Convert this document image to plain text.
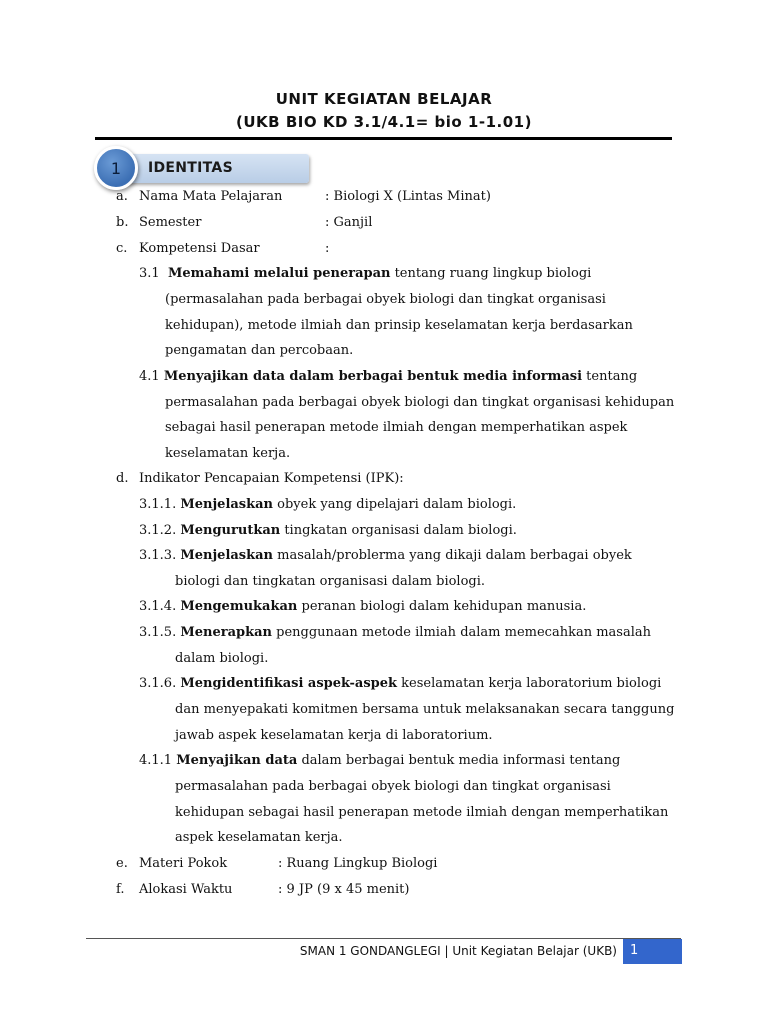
UNIT KEGIATAN BELAJAR
(UKB BIO KD 3.1/4.1= bio 1-1.01)
IDENTITAS
1
a. Nama Mata Pelajaran	: Biologi X (Lintas Minat)
b. Semester	: Ganjil
c. Kompetensi Dasar	:
3.1 Memahami melalui penerapan tentang ruang lingkup biologi
(permasalahan pada berbagai obyek biologi dan tingkat organisasi
kehidupan), metode ilmiah dan prinsip keselamatan kerja berdasarkan
pengamatan dan percobaan.
4.1 Menyajikan data dalam berbagai bentuk media informasi tentang
permasalahan pada berbagai obyek biologi dan tingkat organisasi kehidupan
sebagai hasil penerapan metode ilmiah dengan memperhatikan aspek
keselamatan kerja.
d. Indikator Pencapaian Kompetensi (IPK):
3.1.1. Menjelaskan obyek yang dipelajari dalam biologi.
3.1.2. Mengurutkan tingkatan organisasi dalam biologi.
3.1.3. Menjelaskan masalah/problerma yang dikaji dalam berbagai obyek
biologi dan tingkatan organisasi dalam biologi.
3.1.4. Mengemukakan peranan biologi dalam kehidupan manusia.
3.1.5. Menerapkan penggunaan metode ilmiah dalam memecahkan masalah
dalam biologi.
3.1.6. Mengidentifikasi aspek-aspek keselamatan kerja laboratorium biologi
dan menyepakati komitmen bersama untuk melaksanakan secara tanggung
jawab aspek keselamatan kerja di laboratorium.
4.1.1 Menyajikan data dalam berbagai bentuk media informasi tentang
permasalahan pada berbagai obyek biologi dan tingkat organisasi
kehidupan sebagai hasil penerapan metode ilmiah dengan memperhatikan
aspek keselamatan kerja.
e. Materi Pokok	: Ruang Lingkup Biologi
f. Alokasi Waktu	: 9 JP (9 x 45 menit)
SMAN 1 GONDANGLEGI | Unit Kegiatan Belajar (UKB) 1
